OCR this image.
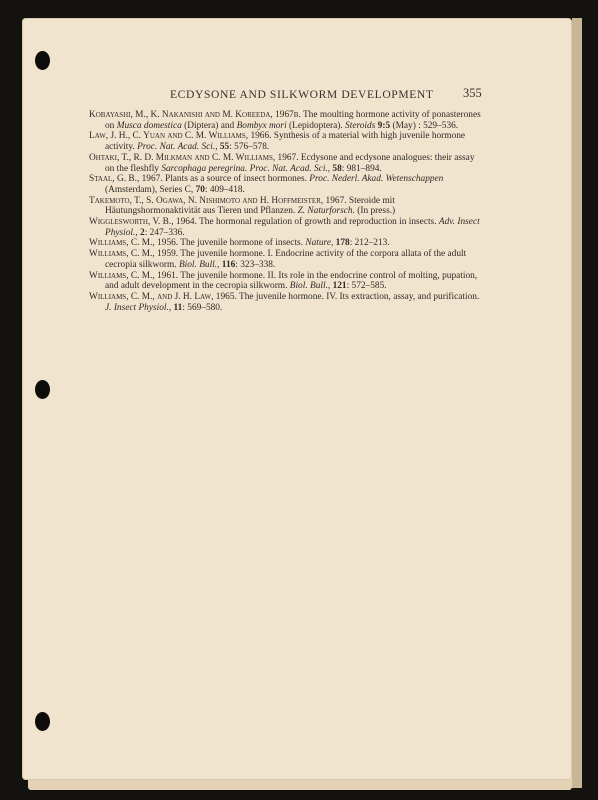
ECDYSONE AND SILKWORM DEVELOPMENT	355

Kobayashi, M., K. Nakanishi and M. Koreeda, 1967b. The moulting hormone activity of ponasterones on Musca domestica (Diptera) and Bombyx mori (Lepidoptera). Steroids 9:5 (May) : 529–536.

Law, J. H., C. Yuan and C. M. Williams, 1966. Synthesis of a material with high juvenile hormone activity. Proc. Nat. Acad. Sci., 55: 576–578.

Ohtaki, T., R. D. Milkman and C. M. Williams, 1967. Ecdysone and ecdysone analogues: their assay on the fleshfly Sarcophaga peregrina. Proc. Nat. Acad. Sci., 58: 981–894.

Staal, G. B., 1967. Plants as a source of insect hormones. Proc. Nederl. Akad. Wetenschappen (Amsterdam), Series C, 70: 409–418.

Takemoto, T., S. Ogawa, N. Nishimoto and H. Hoffmeister, 1967. Steroide mit Häutungshormonaktivität aus Tieren und Pflanzen. Z. Naturforsch. (In press.)

Wigglesworth, V. B., 1964. The hormonal regulation of growth and reproduction in insects. Adv. Insect Physiol., 2: 247–336.

Williams, C. M., 1956. The juvenile hormone of insects. Nature, 178: 212–213.

Williams, C. M., 1959. The juvenile hormone. I. Endocrine activity of the corpora allata of the adult cecropia silkworm. Biol. Bull., 116: 323–338.

Williams, C. M., 1961. The juvenile hormone. II. Its role in the endocrine control of molting, pupation, and adult development in the cecropia silkworm. Biol. Bull., 121: 572–585.

Williams, C. M., and J. H. Law, 1965. The juvenile hormone. IV. Its extraction, assay, and purification. J. Insect Physiol., 11: 569–580.
